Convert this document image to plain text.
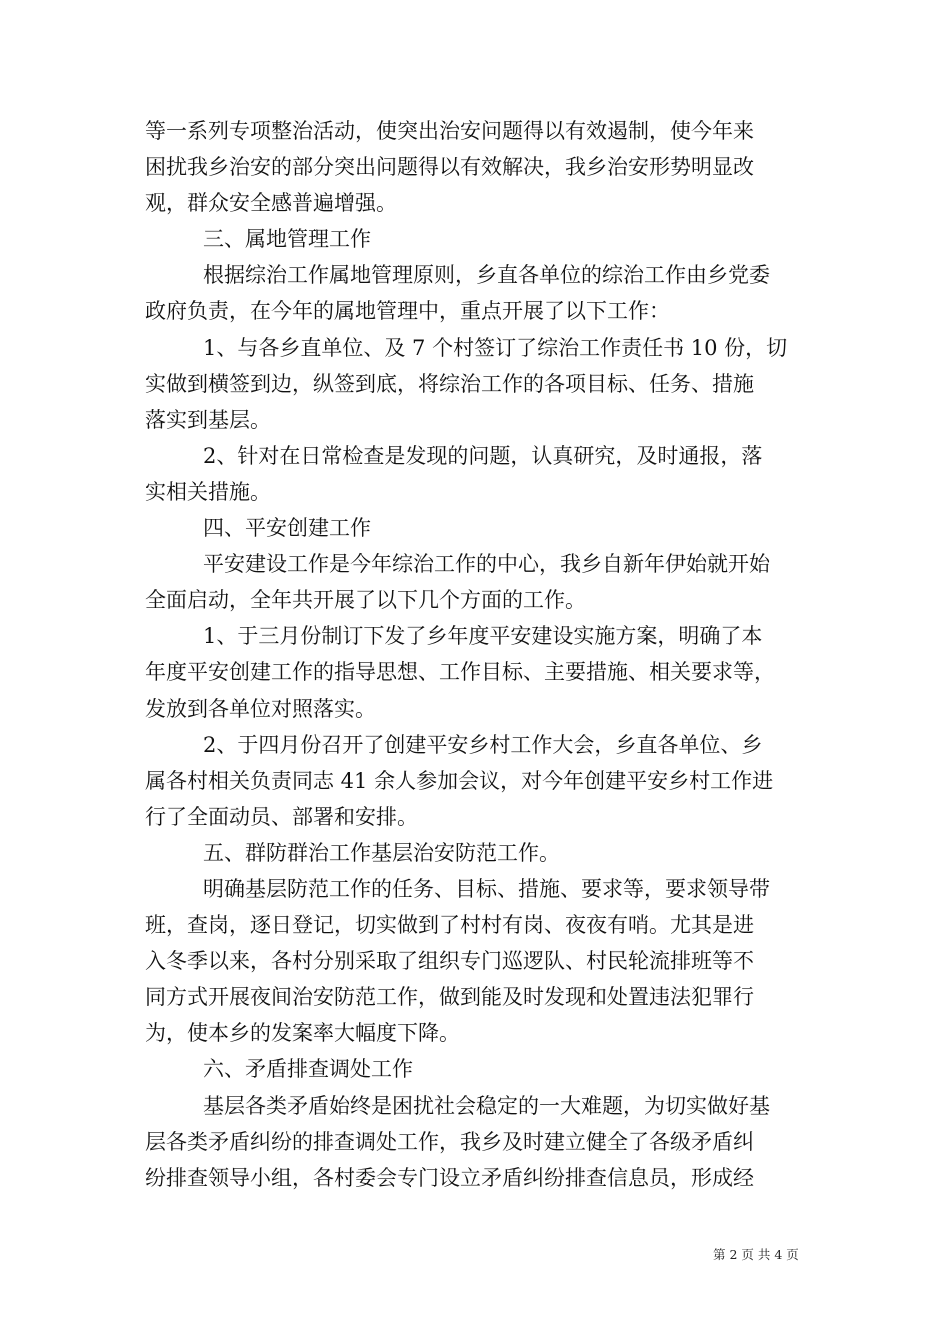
等一系列专项整治活动，使突出治安问题得以有效遏制，使今年来
困扰我乡治安的部分突出问题得以有效解决，我乡治安形势明显改
观，群众安全感普遍增强。
三、属地管理工作
根据综治工作属地管理原则，乡直各单位的综治工作由乡党委
政府负责，在今年的属地管理中，重点开展了以下工作：
1、与各乡直单位、及 7 个村签订了综治工作责任书 10 份，切
实做到横签到边，纵签到底，将综治工作的各项目标、任务、措施
落实到基层。
2、针对在日常检查是发现的问题，认真研究，及时通报，落
实相关措施。
四、平安创建工作
平安建设工作是今年综治工作的中心，我乡自新年伊始就开始
全面启动，全年共开展了以下几个方面的工作。
1、于三月份制订下发了乡年度平安建设实施方案，明确了本
年度平安创建工作的指导思想、工作目标、主要措施、相关要求等，
发放到各单位对照落实。
2、于四月份召开了创建平安乡村工作大会，乡直各单位、乡
属各村相关负责同志 41 余人参加会议，对今年创建平安乡村工作进
行了全面动员、部署和安排。
五、群防群治工作基层治安防范工作。
明确基层防范工作的任务、目标、措施、要求等，要求领导带
班，查岗，逐日登记，切实做到了村村有岗、夜夜有哨。尤其是进
入冬季以来，各村分别采取了组织专门巡逻队、村民轮流排班等不
同方式开展夜间治安防范工作，做到能及时发现和处置违法犯罪行
为，使本乡的发案率大幅度下降。
六、矛盾排查调处工作
基层各类矛盾始终是困扰社会稳定的一大难题，为切实做好基
层各类矛盾纠纷的排查调处工作，我乡及时建立健全了各级矛盾纠
纷排查领导小组，各村委会专门设立矛盾纠纷排查信息员，形成经
第 2 页 共 4 页
